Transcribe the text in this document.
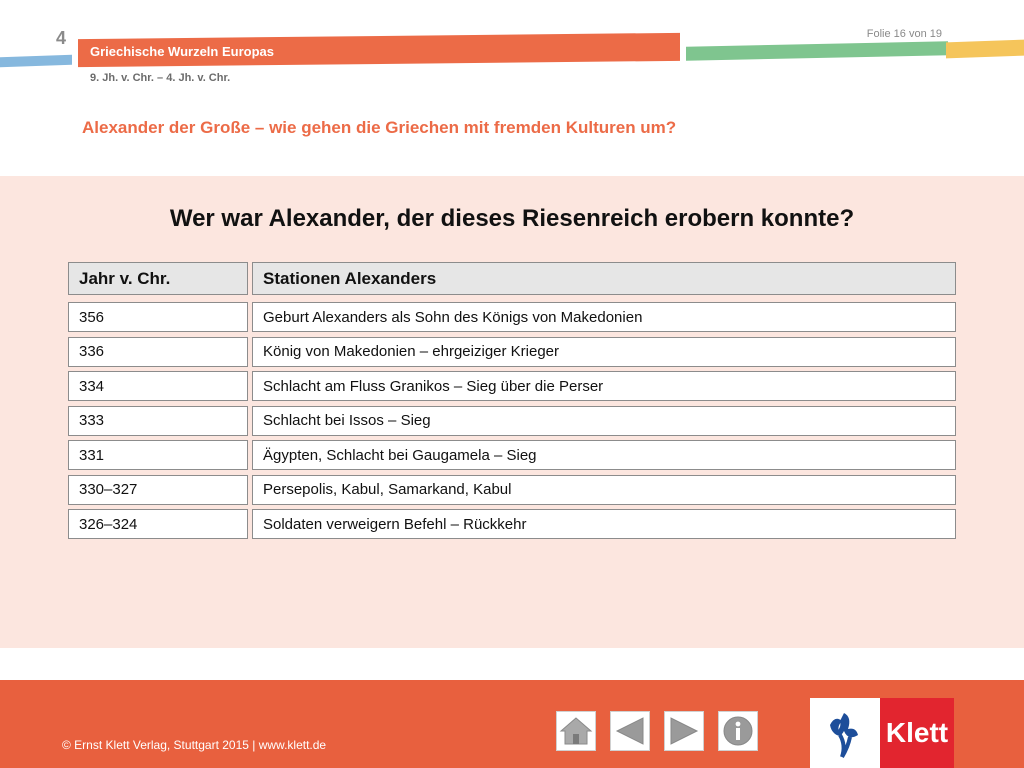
4
Griechische Wurzeln Europas
Folie 16 von 19
9. Jh. v. Chr. – 4. Jh. v. Chr.
Alexander der Große – wie gehen die Griechen mit fremden Kulturen um?
Wer war Alexander, der dieses Riesenreich erobern konnte?
Jahr v. Chr.	Stationen Alexanders
356	Geburt Alexanders als Sohn des Königs von Makedonien
336	König von Makedonien – ehrgeiziger Krieger
334	Schlacht am Fluss Granikos – Sieg über die Perser
333	Schlacht bei Issos – Sieg
331	Ägypten, Schlacht bei Gaugamela – Sieg
330–327	Persepolis, Kabul, Samarkand, Kabul
326–324	Soldaten verweigern Befehl – Rückkehr
© Ernst Klett Verlag, Stuttgart 2015 | www.klett.de	Klett
